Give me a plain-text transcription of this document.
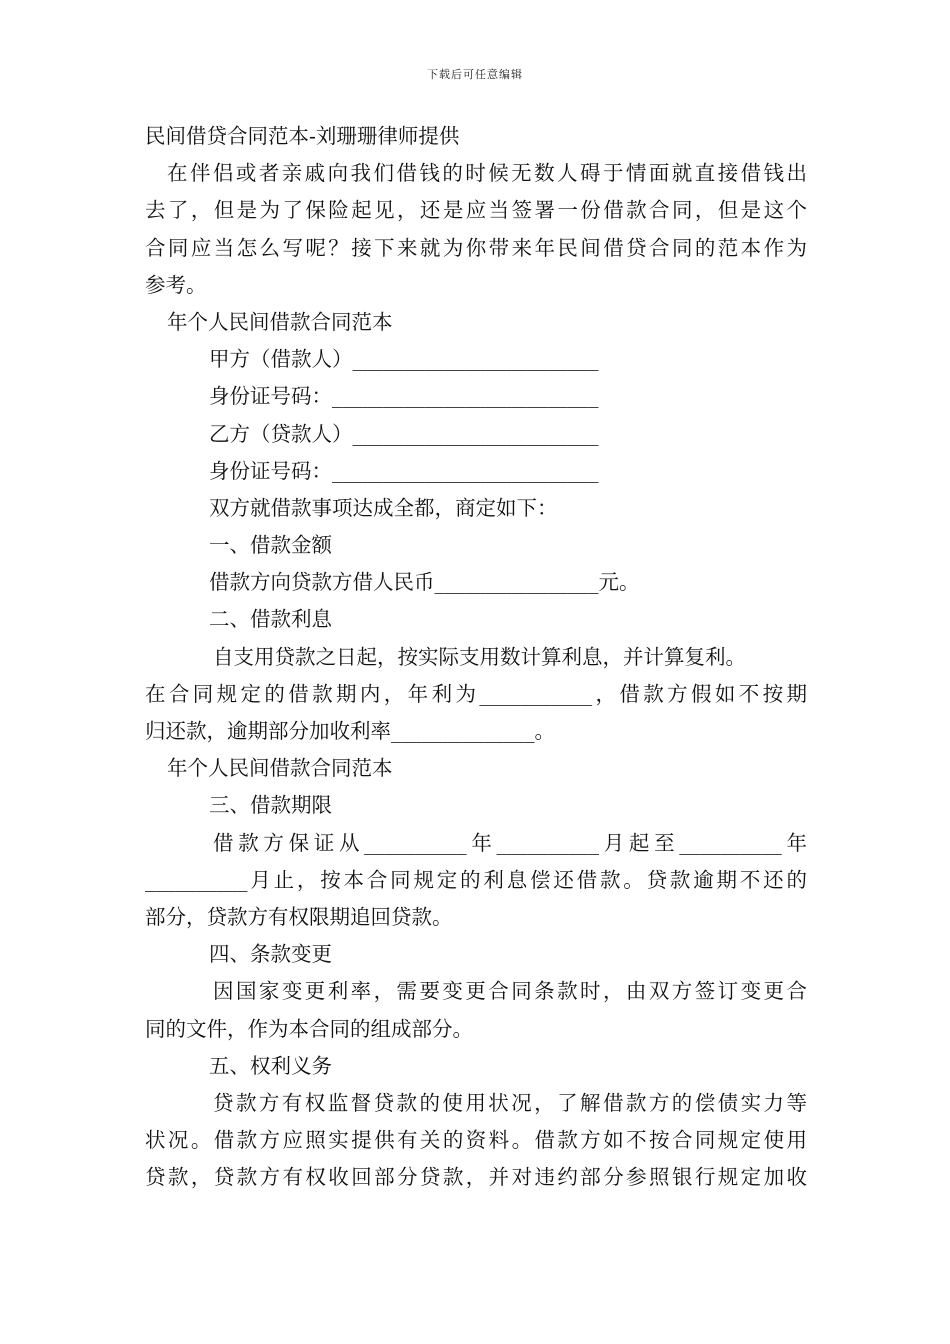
下载后可任意编辑
民间借贷合同范本-刘珊珊律师提供
在伴侣或者亲戚向我们借钱的时候无数人碍于情面就直接借钱出
去了，但是为了保险起见，还是应当签署一份借款合同，但是这个
合同应当怎么写呢？接下来就为你带来年民间借贷合同的范本作为
参考。
年个人民间借款合同范本
甲方（借款人）________________________
身份证号码：__________________________
乙方（贷款人）________________________
身份证号码：__________________________
双方就借款事项达成全都，商定如下：
一、借款金额
借款方向贷款方借人民币________________元。
二、借款利息
自支用贷款之日起，按实际支用数计算利息，并计算复利。
在合同规定的借款期内，年利为___________，借款方假如不按期
归还款，逾期部分加收利率______________。
年个人民间借款合同范本
三、借款期限
借款方保证从__________年__________月起至__________年
__________月止，按本合同规定的利息偿还借款。贷款逾期不还的
部分，贷款方有权限期追回贷款。
四、条款变更
因国家变更利率，需要变更合同条款时，由双方签订变更合
同的文件，作为本合同的组成部分。
五、权利义务
贷款方有权监督贷款的使用状况，了解借款方的偿债实力等
状况。借款方应照实提供有关的资料。借款方如不按合同规定使用
贷款，贷款方有权收回部分贷款，并对违约部分参照银行规定加收
